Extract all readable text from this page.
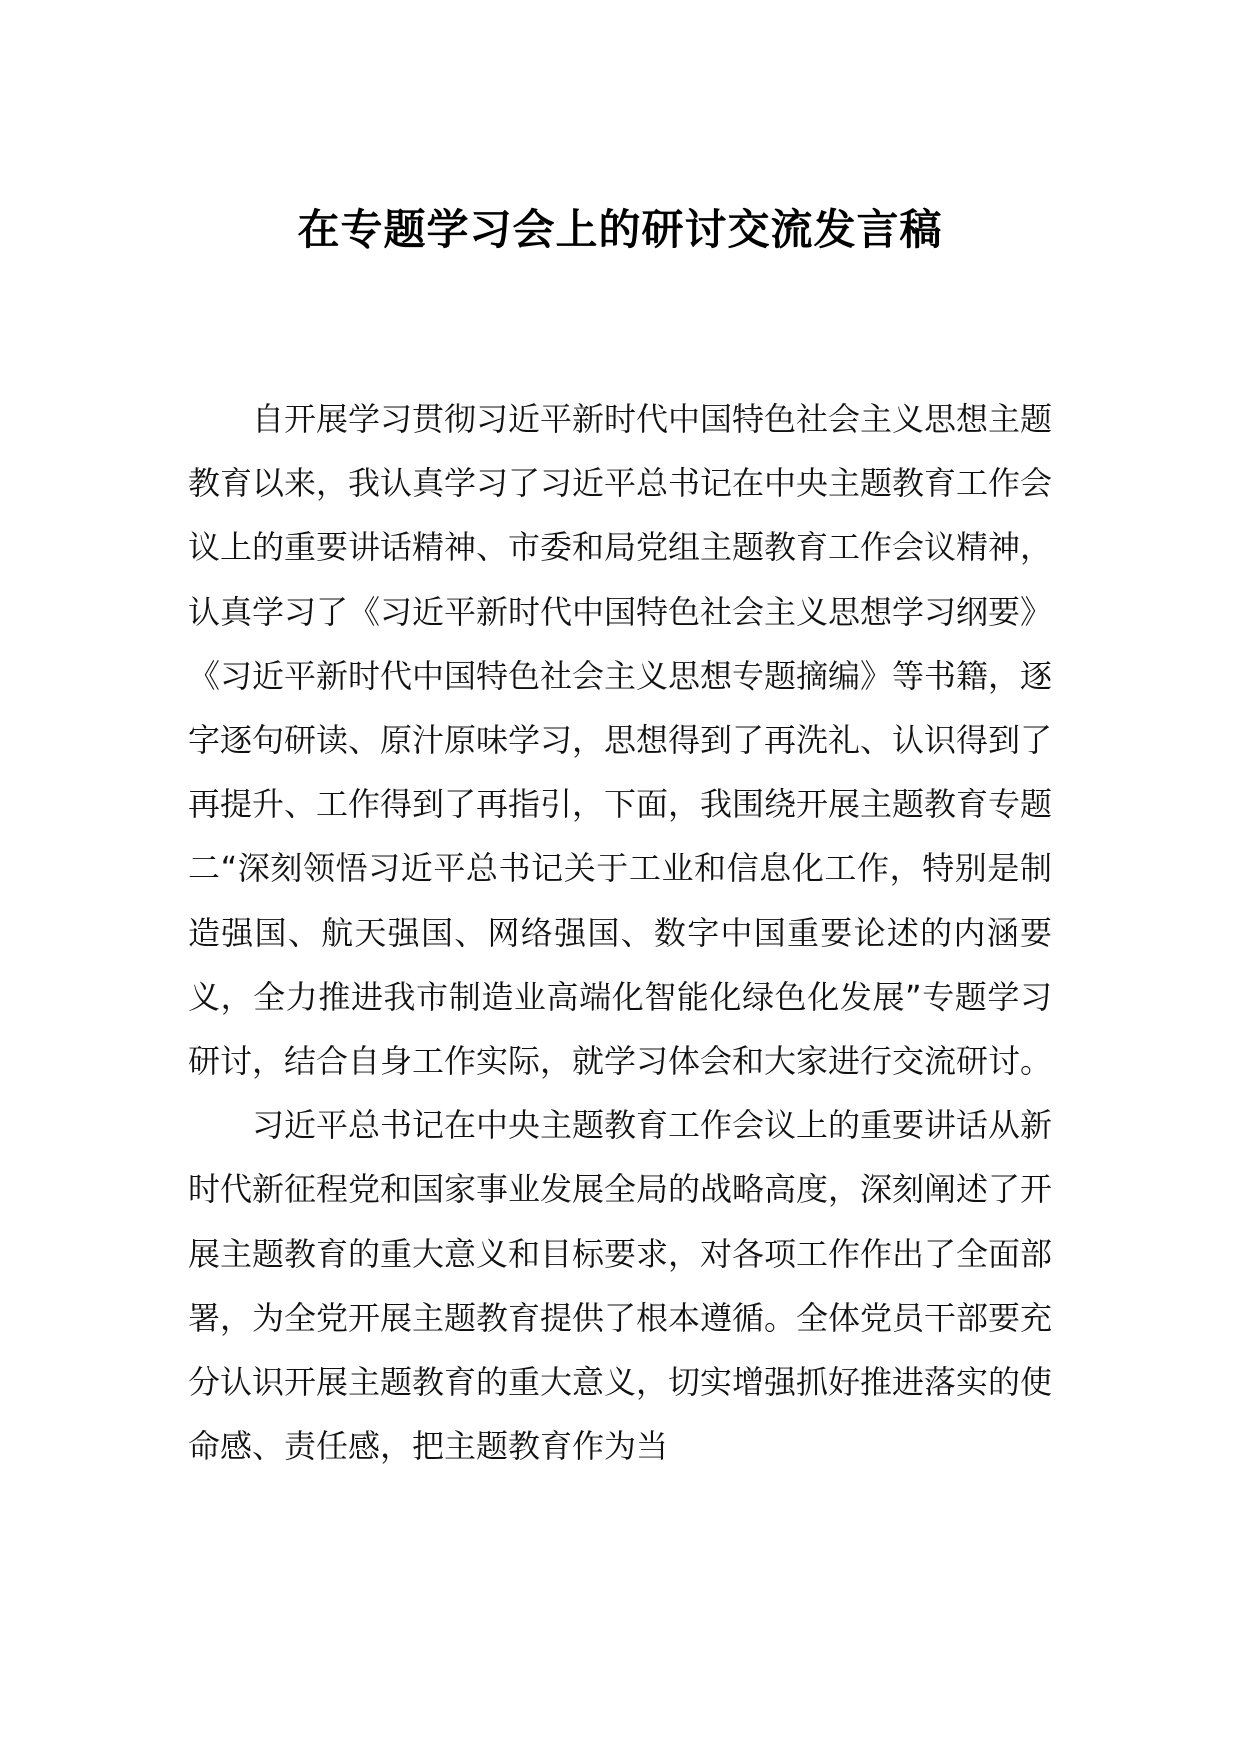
在专题学习会上的研讨交流发言稿

自开展学习贯彻习近平新时代中国特色社会主义思想主题教育以来，我认真学习了习近平总书记在中央主题教育工作会议上的重要讲话精神、市委和局党组主题教育工作会议精神，认真学习了《习近平新时代中国特色社会主义思想学习纲要》《习近平新时代中国特色社会主义思想专题摘编》等书籍，逐字逐句研读、原汁原味学习，思想得到了再洗礼、认识得到了再提升、工作得到了再指引，下面，我围绕开展主题教育专题二“深刻领悟习近平总书记关于工业和信息化工作，特别是制造强国、航天强国、网络强国、数字中国重要论述的内涵要义，全力推进我市制造业高端化智能化绿色化发展”专题学习研讨，结合自身工作实际，就学习体会和大家进行交流研讨。

习近平总书记在中央主题教育工作会议上的重要讲话从新时代新征程党和国家事业发展全局的战略高度，深刻阐述了开展主题教育的重大意义和目标要求，对各项工作作出了全面部署，为全党开展主题教育提供了根本遵循。全体党员干部要充分认识开展主题教育的重大意义，切实增强抓好推进落实的使命感、责任感，把主题教育作为当
